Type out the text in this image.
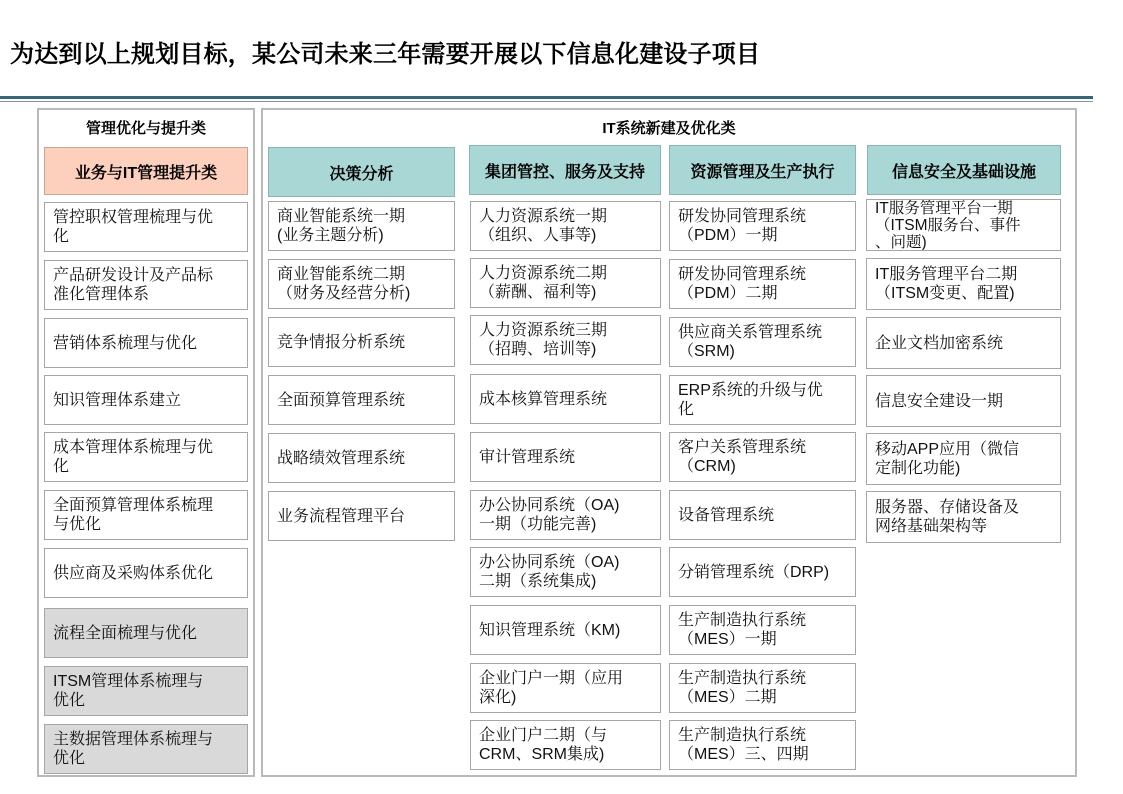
为达到以上规划目标，某公司未来三年需要开展以下信息化建设子项目
管理优化与提升类
业务与IT管理提升类
管控职权管理梳理与优
化
产品研发设计及产品标
准化管理体系
营销体系梳理与优化
知识管理体系建立
成本管理体系梳理与优
化
全面预算管理体系梳理
与优化
供应商及采购体系优化
流程全面梳理与优化
ITSM管理体系梳理与
优化
主数据管理体系梳理与
优化
IT系统新建及优化类
决策分析	集团管控、服务及支持	资源管理及生产执行	信息安全及基础设施
商业智能系统一期
(业务主题分析)
商业智能系统二期
（财务及经营分析)
竞争情报分析系统
全面预算管理系统
战略绩效管理系统
业务流程管理平台
人力资源系统一期
（组织、人事等)
人力资源系统二期
（薪酬、福利等)
人力资源系统三期
（招聘、培训等)
成本核算管理系统
审计管理系统
办公协同系统（OA)
一期（功能完善)
办公协同系统（OA)
二期（系统集成)
知识管理系统（KM)
企业门户一期（应用
深化)
企业门户二期（与
CRM、SRM集成)
研发协同管理系统
（PDM）一期
研发协同管理系统
（PDM）二期
供应商关系管理系统
（SRM)
ERP系统的升级与优
化
客户关系管理系统
（CRM)
设备管理系统
分销管理系统（DRP)
生产制造执行系统
（MES）一期
生产制造执行系统
（MES）二期
生产制造执行系统
（MES）三、四期
IT服务管理平台一期
（ITSM服务台、事件
、问题)
IT服务管理平台二期
（ITSM变更、配置)
企业文档加密系统
信息安全建设一期
移动APP应用（微信
定制化功能)
服务器、存储设备及
网络基础架构等
